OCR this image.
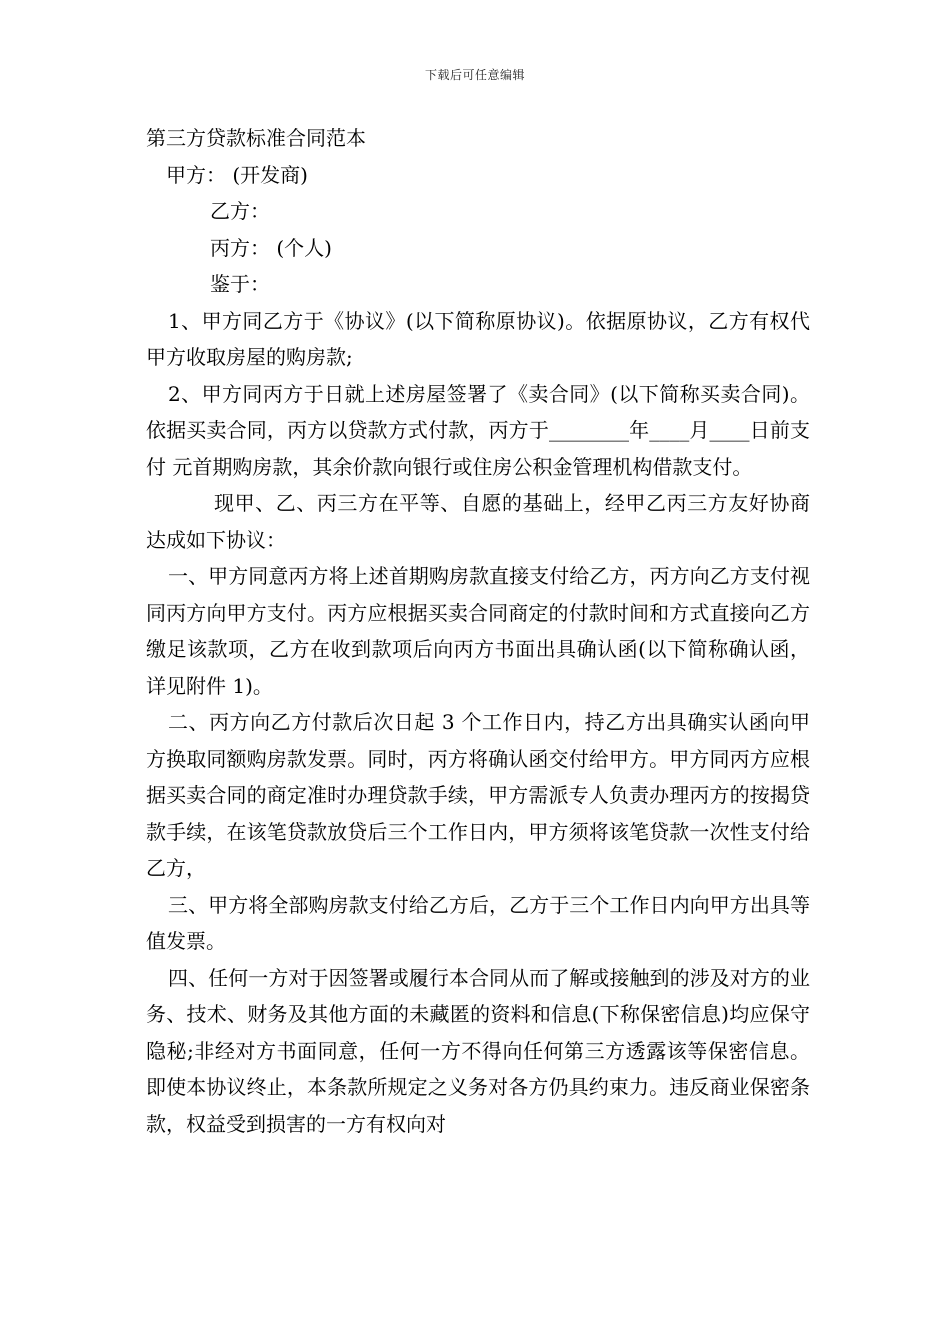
下载后可任意编辑
第三方贷款标准合同范本
甲方： (开发商)
乙方：
丙方： (个人)
鉴于：

1、甲方同乙方于《协议》(以下简称原协议)。依据原协议，乙方有权代甲方收取房屋的购房款;

2、甲方同丙方于日就上述房屋签署了《卖合同》(以下简称买卖合同)。依据买卖合同，丙方以贷款方式付款，丙方于________年____月____日前支付 元首期购房款，其余价款向银行或住房公积金管理机构借款支付。

现甲、乙、丙三方在平等、自愿的基础上，经甲乙丙三方友好协商达成如下协议：

一、甲方同意丙方将上述首期购房款直接支付给乙方，丙方向乙方支付视同丙方向甲方支付。丙方应根据买卖合同商定的付款时间和方式直接向乙方缴足该款项，乙方在收到款项后向丙方书面出具确认函(以下简称确认函，详见附件 1)。

二、丙方向乙方付款后次日起 3 个工作日内，持乙方出具确实认函向甲方换取同额购房款发票。同时，丙方将确认函交付给甲方。甲方同丙方应根据买卖合同的商定准时办理贷款手续，甲方需派专人负责办理丙方的按揭贷款手续，在该笔贷款放贷后三个工作日内，甲方须将该笔贷款一次性支付给乙方，

三、甲方将全部购房款支付给乙方后，乙方于三个工作日内向甲方出具等值发票。

四、任何一方对于因签署或履行本合同从而了解或接触到的涉及对方的业务、技术、财务及其他方面的未藏匿的资料和信息(下称保密信息)均应保守隐秘;非经对方书面同意，任何一方不得向任何第三方透露该等保密信息。即使本协议终止，本条款所规定之义务对各方仍具约束力。违反商业保密条款，权益受到损害的一方有权向对
